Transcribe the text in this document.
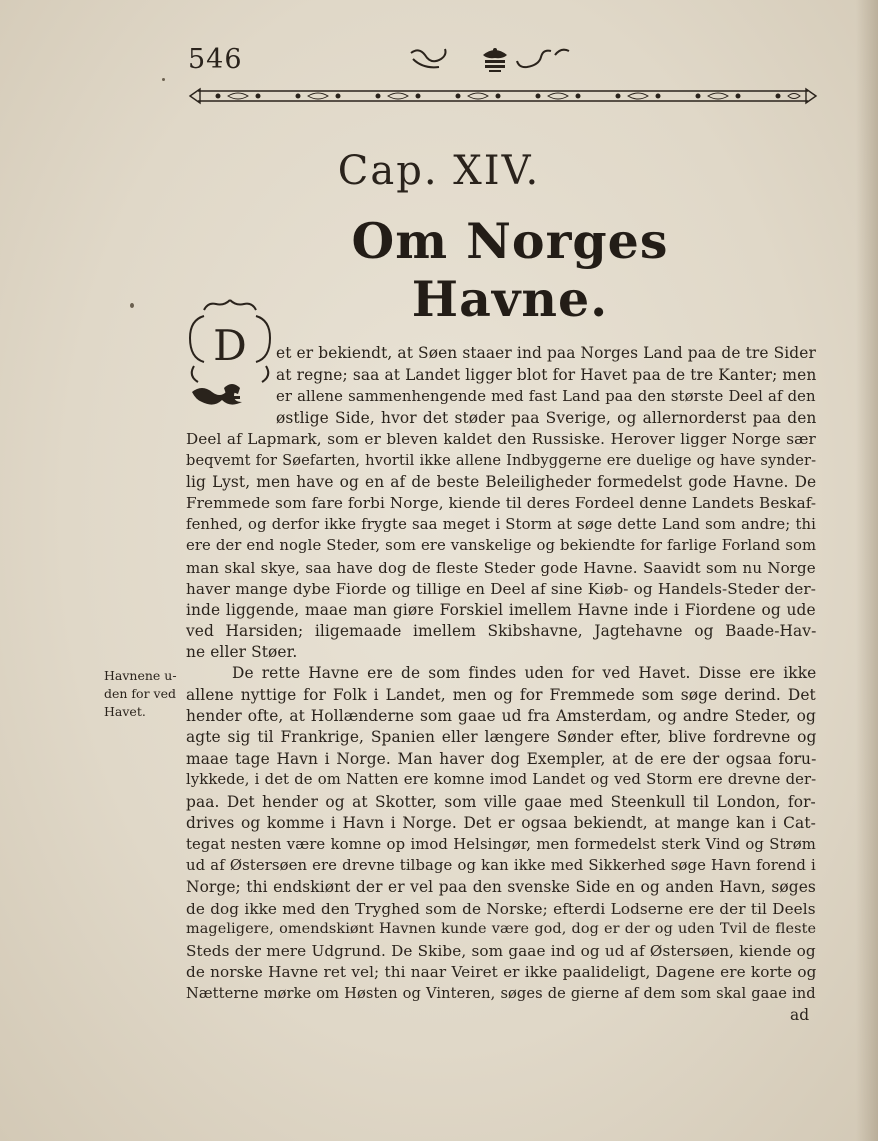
546
Cap. XIV.
Om Norges Havne.
D et er bekiendt, at Søen staaer ind paa Norges Land paa de tre Sider
at regne; saa at Landet ligger blot for Havet paa de tre Kanter; men
er allene sammenhengende med fast Land paa den største Deel af den
østlige Side, hvor det støder paa Sverige, og allernorderst paa den
Deel af Lapmark, som er bleven kaldet den Russiske. Herover ligger Norge sær
beqvemt for Søefarten, hvortil ikke allene Indbyggerne ere duelige og have synder-
lig Lyst, men have og en af de beste Beleiligheder formedelst gode Havne. De
Fremmede som fare forbi Norge, kiende til deres Fordeel denne Landets Beskaf-
fenhed, og derfor ikke frygte saa meget i Storm at søge dette Land som andre; thi
ere der end nogle Steder, som ere vanskelige og bekiendte for farlige Forland som
man skal skye, saa have dog de fleste Steder gode Havne. Saavidt som nu Norge
haver mange dybe Fiorde og tillige en Deel af sine Kiøb- og Handels-Steder der-
inde liggende, maae man giøre Forskiel imellem Havne inde i Fiordene og ude
ved Harsiden; iligemaade imellem Skibshavne, Jagtehavne og Baade-Hav-
ne eller Støer.
Havnene u-
den for ved
Havet.
De rette Havne ere de som findes uden for ved Havet. Disse ere ikke
allene nyttige for Folk i Landet, men og for Fremmede som søge derind. Det
hender ofte, at Hollænderne som gaae ud fra Amsterdam, og andre Steder, og
agte sig til Frankrige, Spanien eller længere Sønder efter, blive fordrevne og
maae tage Havn i Norge. Man haver dog Exempler, at de ere der ogsaa foru-
lykkede, i det de om Natten ere komne imod Landet og ved Storm ere drevne der-
paa. Det hender og at Skotter, som ville gaae med Steenkull til London, for-
drives og komme i Havn i Norge. Det er ogsaa bekiendt, at mange kan i Cat-
tegat nesten være komne op imod Helsingør, men formedelst sterk Vind og Strøm
ud af Østersøen ere drevne tilbage og kan ikke med Sikkerhed søge Havn forend i
Norge; thi endskiønt der er vel paa den svenske Side en og anden Havn, søges
de dog ikke med den Tryghed som de Norske; efterdi Lodserne ere der til Deels
mageligere, omendskiønt Havnen kunde være god, dog er der og uden Tvil de fleste
Steds der mere Udgrund. De Skibe, som gaae ind og ud af Østersøen, kiende og
de norske Havne ret vel; thi naar Veiret er ikke paalideligt, Dagene ere korte og
Nætterne mørke om Høsten og Vinteren, søges de gierne af dem som skal gaae ind
ad
